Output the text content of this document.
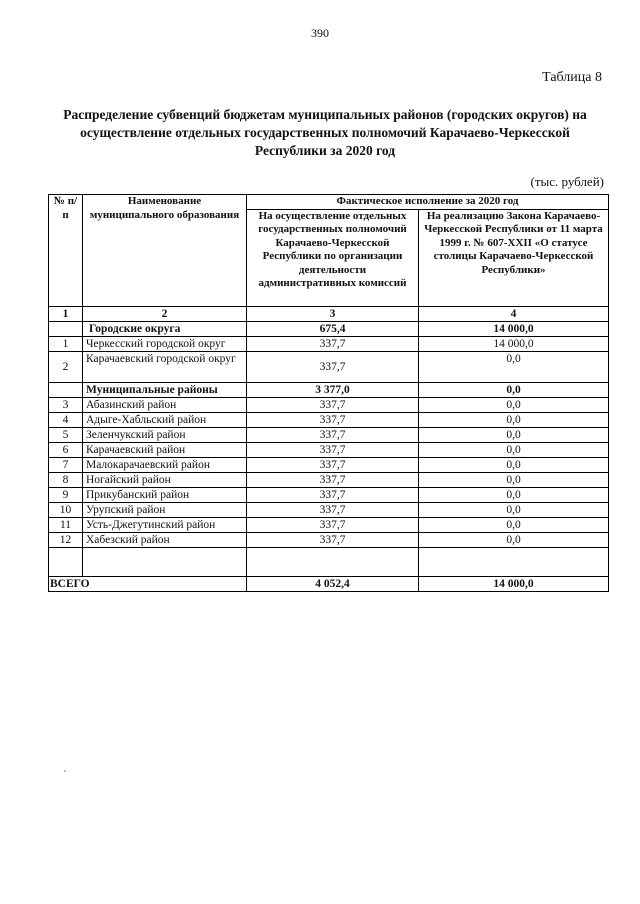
390
Таблица 8
Распределение субвенций бюджетам муниципальных районов (городских округов) на осуществление отдельных государственных полномочий Карачаево-Черкесской Республики за 2020 год
(тыс. рублей)
№ п/п	Наименование муниципального образования	Фактическое исполнение за 2020 год	
		На осуществление отдельных государственных полномочий Карачаево-Черкесской Республики по организации деятельности административных комиссий	На реализацию Закона Карачаево-Черкесской Республики от 11 марта 1999 г. № 607-XXII «О статусе столицы Карачаево-Черкесской Республики»
1	2	3	4
	Городские округа	675,4	14 000,0
1	Черкесский городской округ	337,7	14 000,0
2	Карачаевский городской округ	337,7	0,0
	Муниципальные районы	3 377,0	0,0
3	Абазинский район	337,7	0,0
4	Адыге-Хабльский район	337,7	0,0
5	Зеленчукский район	337,7	0,0
6	Карачаевский район	337,7	0,0
7	Малокарачаевский район	337,7	0,0
8	Ногайский район	337,7	0,0
9	Прикубанский район	337,7	0,0
10	Урупский район	337,7	0,0
11	Усть-Джегутинский район	337,7	0,0
12	Хабезский район	337,7	0,0

ВСЕГО		4 052,4	14 000,0
